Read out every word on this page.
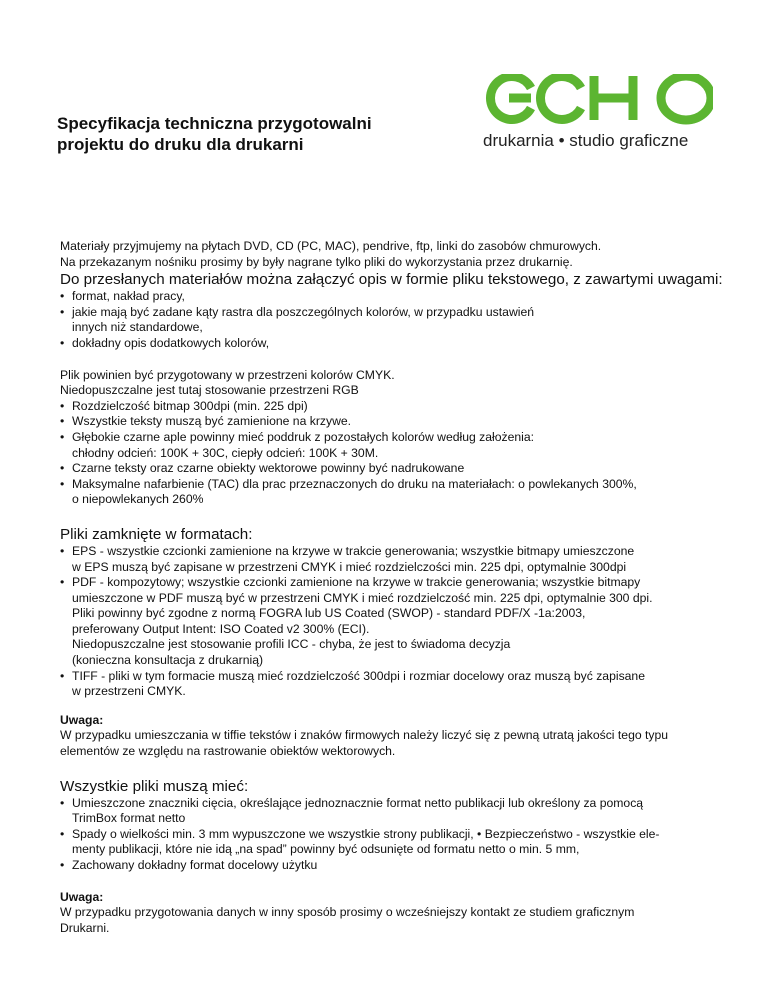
Specyfikacja techniczna przygotowalni
projektu do druku dla drukarni	drukarnia • studio graficzne

Materiały przyjmujemy na płytach DVD, CD (PC, MAC), pendrive, ftp, linki do zasobów chmurowych.
Na przekazanym nośniku prosimy by były nagrane tylko pliki do wykorzystania przez drukarnię.

Do przesłanych materiałów można załączyć opis w formie pliku tekstowego, z zawartymi uwagami:
• format, nakład pracy,
• jakie mają być zadane kąty rastra dla poszczególnych kolorów, w przypadku ustawień
innych niż standardowe,
• dokładny opis dodatkowych kolorów,

Plik powinien być przygotowany w przestrzeni kolorów CMYK.
Niedopuszczalne jest tutaj stosowanie przestrzeni RGB

• Rozdzielczość bitmap 300dpi (min. 225 dpi)
• Wszystkie teksty muszą być zamienione na krzywe.
• Głębokie czarne aple powinny mieć poddruk z pozostałych kolorów według założenia:
chłodny odcień: 100K + 30C, ciepły odcień: 100K + 30M.
• Czarne teksty oraz czarne obiekty wektorowe powinny być nadrukowane
• Maksymalne nafarbienie (TAC) dla prac przeznaczonych do druku na materiałach: o powlekanych 300%,
o niepowlekanych 260%
Pliki zamknięte w formatach:
• EPS - wszystkie czcionki zamienione na krzywe w trakcie generowania; wszystkie bitmapy umieszczone
w EPS muszą być zapisane w przestrzeni CMYK i mieć rozdzielczości min. 225 dpi, optymalnie 300dpi
• PDF - kompozytowy; wszystkie czcionki zamienione na krzywe w trakcie generowania; wszystkie bitmapy
umieszczone w PDF muszą być w przestrzeni CMYK i mieć rozdzielczość min. 225 dpi, optymalnie 300 dpi.
Pliki powinny być zgodne z normą FOGRA lub US Coated (SWOP) - standard PDF/X -1a:2003,
preferowany Output Intent: ISO Coated v2 300% (ECI).
Niedopuszczalne jest stosowanie profili ICC - chyba, że jest to świadoma decyzja
(konieczna konsultacja z drukarnią)
• TIFF - pliki w tym formacie muszą mieć rozdzielczość 300dpi i rozmiar docelowy oraz muszą być zapisane
w przestrzeni CMYK.
Uwaga:

W przypadku umieszczania w tiffie tekstów i znaków firmowych należy liczyć się z pewną utratą jakości tego typu
elementów ze względu na rastrowanie obiektów wektorowych.

Wszystkie pliki muszą mieć:
• Umieszczone znaczniki cięcia, określające jednoznacznie format netto publikacji lub określony za pomocą
TrimBox format netto
• Spady o wielkości min. 3 mm wypuszczone we wszystkie strony publikacji, • Bezpieczeństwo - wszystkie ele-
menty publikacji, które nie idą „na spad” powinny być odsunięte od formatu netto o min. 5 mm,
• Zachowany dokładny format docelowy użytku
Uwaga:

W przypadku przygotowania danych w inny sposób prosimy o wcześniejszy kontakt ze studiem graficznym
Drukarni.
